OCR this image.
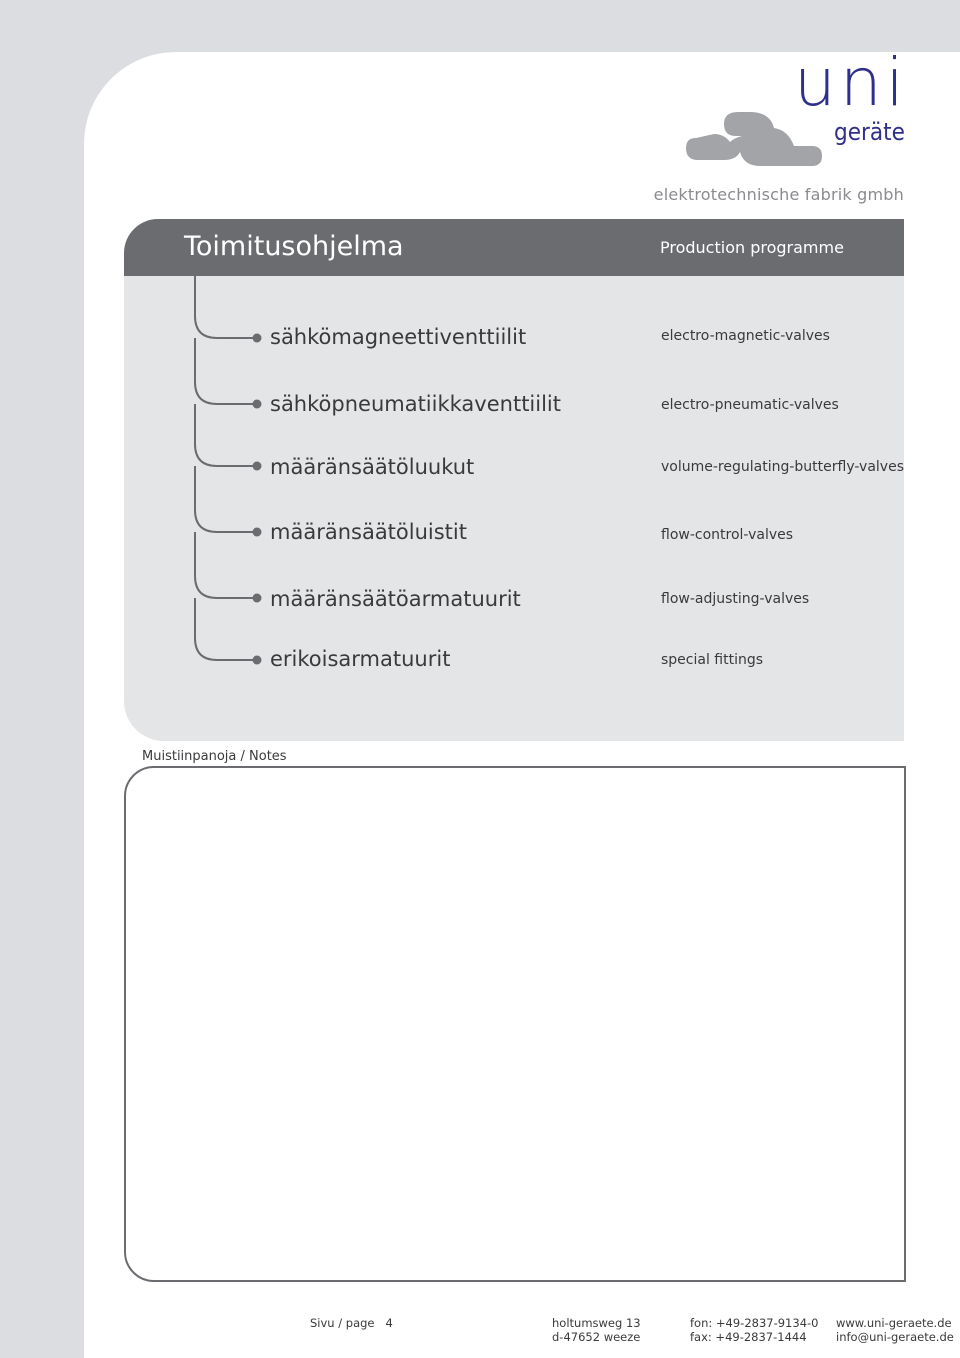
uni
geräte
elektrotechnische fabrik gmbh
Toimitusohjelma	Production programme
sähkömagneettiventtiilit	electro-magnetic-valves
sähköpneumatiikkaventtiilit	electro-pneumatic-valves
määränsäätöluukut	volume-regulating-butterfly-valves
määränsäätöluistit	flow-control-valves
määränsäätöarmatuurit	flow-adjusting-valves
erikoisarmatuurit	special fittings
Muistiinpanoja / Notes
Sivu / page 4	holtumsweg 13
d-47652 weeze
fon: +49-2837-9134-0
fax: +49-2837-1444
www.uni-geraete.de
info@uni-geraete.de
